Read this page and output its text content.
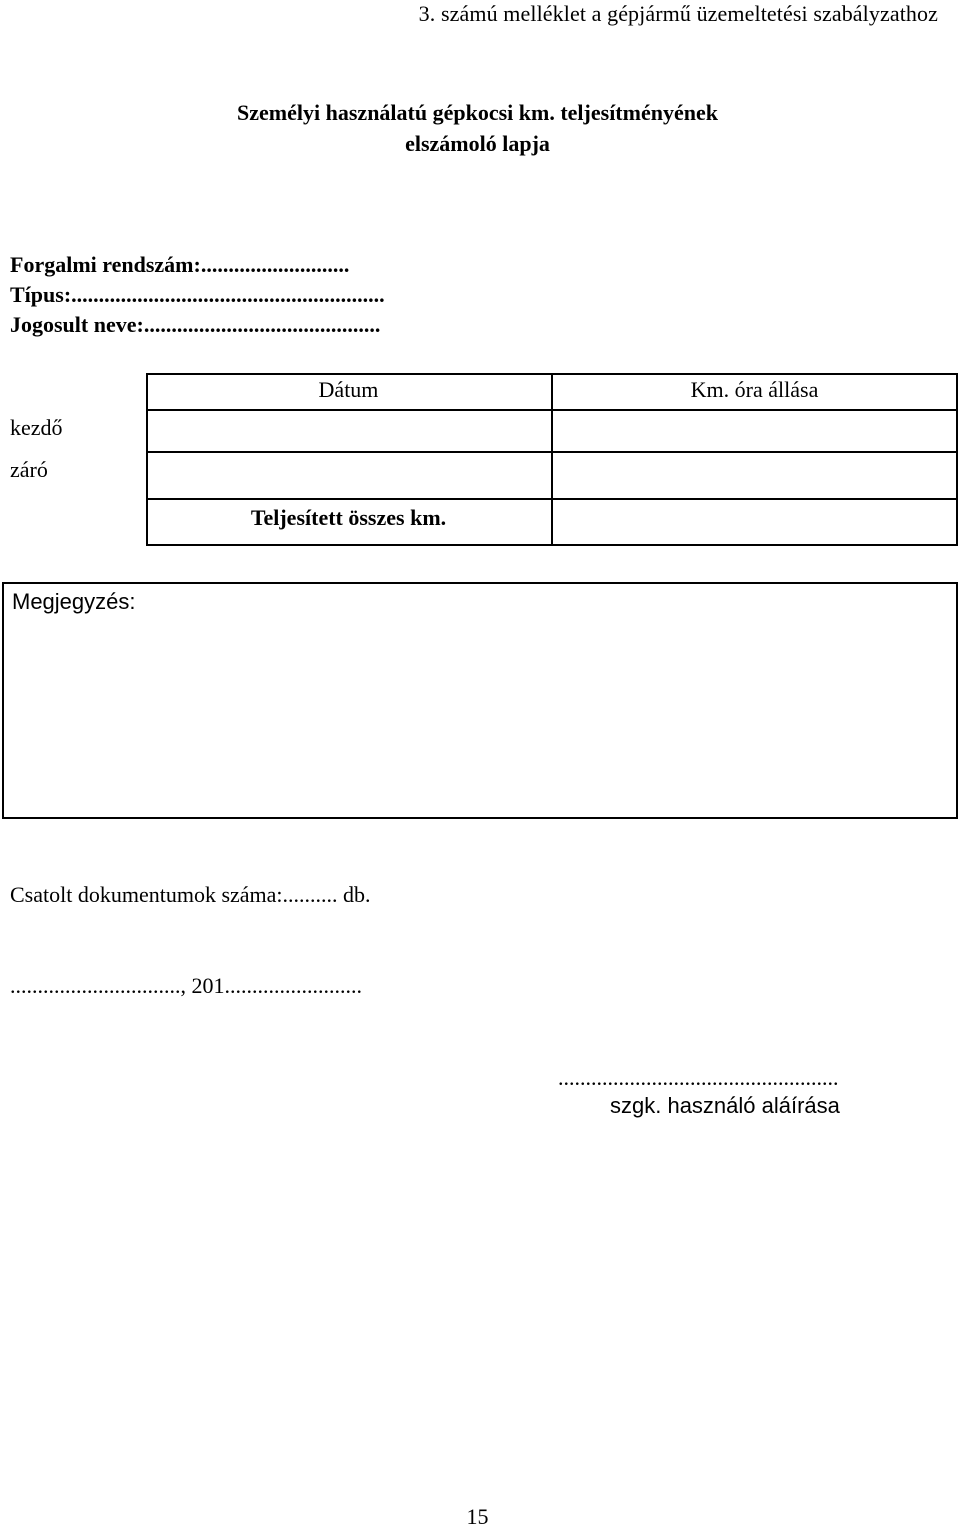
3. számú melléklet a gépjármű üzemeltetési szabályzathoz
Személyi használatú gépkocsi km. teljesítményének
elszámoló lapja
Forgalmi rendszám:...........................
Típus:.........................................................
Jogosult neve:...........................................
Dátum	Km. óra állása
kezdő
záró
Teljesített összes km.
Megjegyzés:
Csatolt dokumentumok száma:.......... db.
..............................., 201.........................
...................................................
szgk. használó aláírása
15
